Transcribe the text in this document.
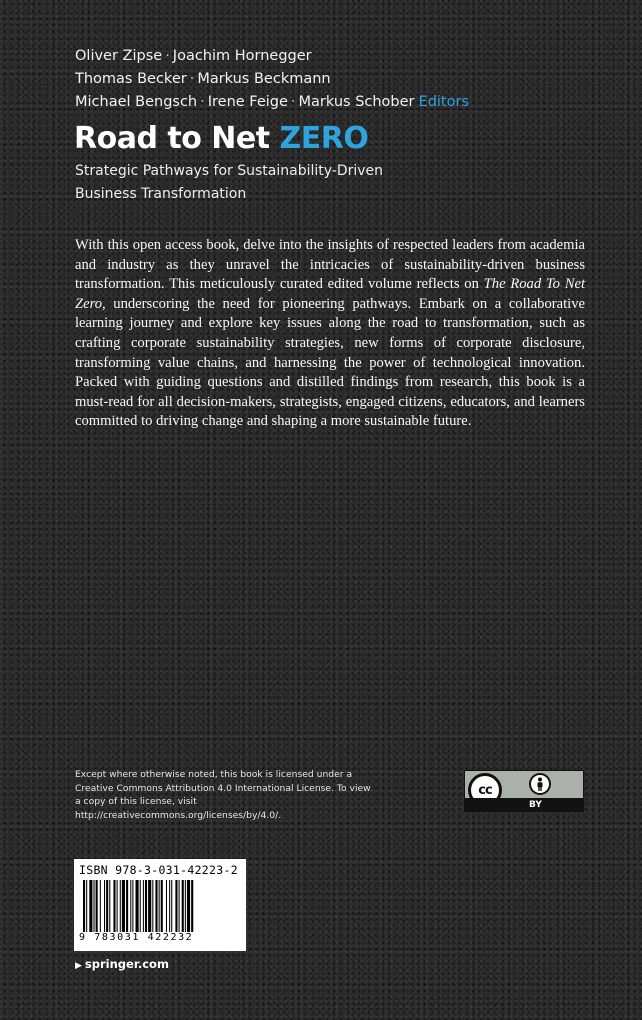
Oliver Zipse · Joachim Hornegger
Thomas Becker · Markus Beckmann
Michael Bengsch · Irene Feige · Markus Schober Editors
Road to Net ZERO
Strategic Pathways for Sustainability-Driven
Business Transformation
With this open access book, delve into the insights of respected leaders from academia and industry as they unravel the intricacies of sustainability-driven business transformation. This meticulously curated edited volume reflects on The Road To Net Zero, underscoring the need for pioneering pathways. Embark on a collaborative learning journey and explore key issues along the road to transformation, such as crafting corporate sustainability strategies, new forms of corporate disclosure, transforming value chains, and harnessing the power of technological innovation. Packed with guiding questions and distilled findings from research, this book is a must-read for all decision-makers, strategists, engaged citizens, educators, and learners committed to driving change and shaping a more sustainable future.
Except where otherwise noted, this book is licensed under a Creative Commons Attribution 4.0 International License. To view a copy of this license, visit http://creativecommons.org/licenses/by/4.0/.
cc
BY
ISBN 978-3-031-42223-2
9 783031 422232
▶ springer.com
